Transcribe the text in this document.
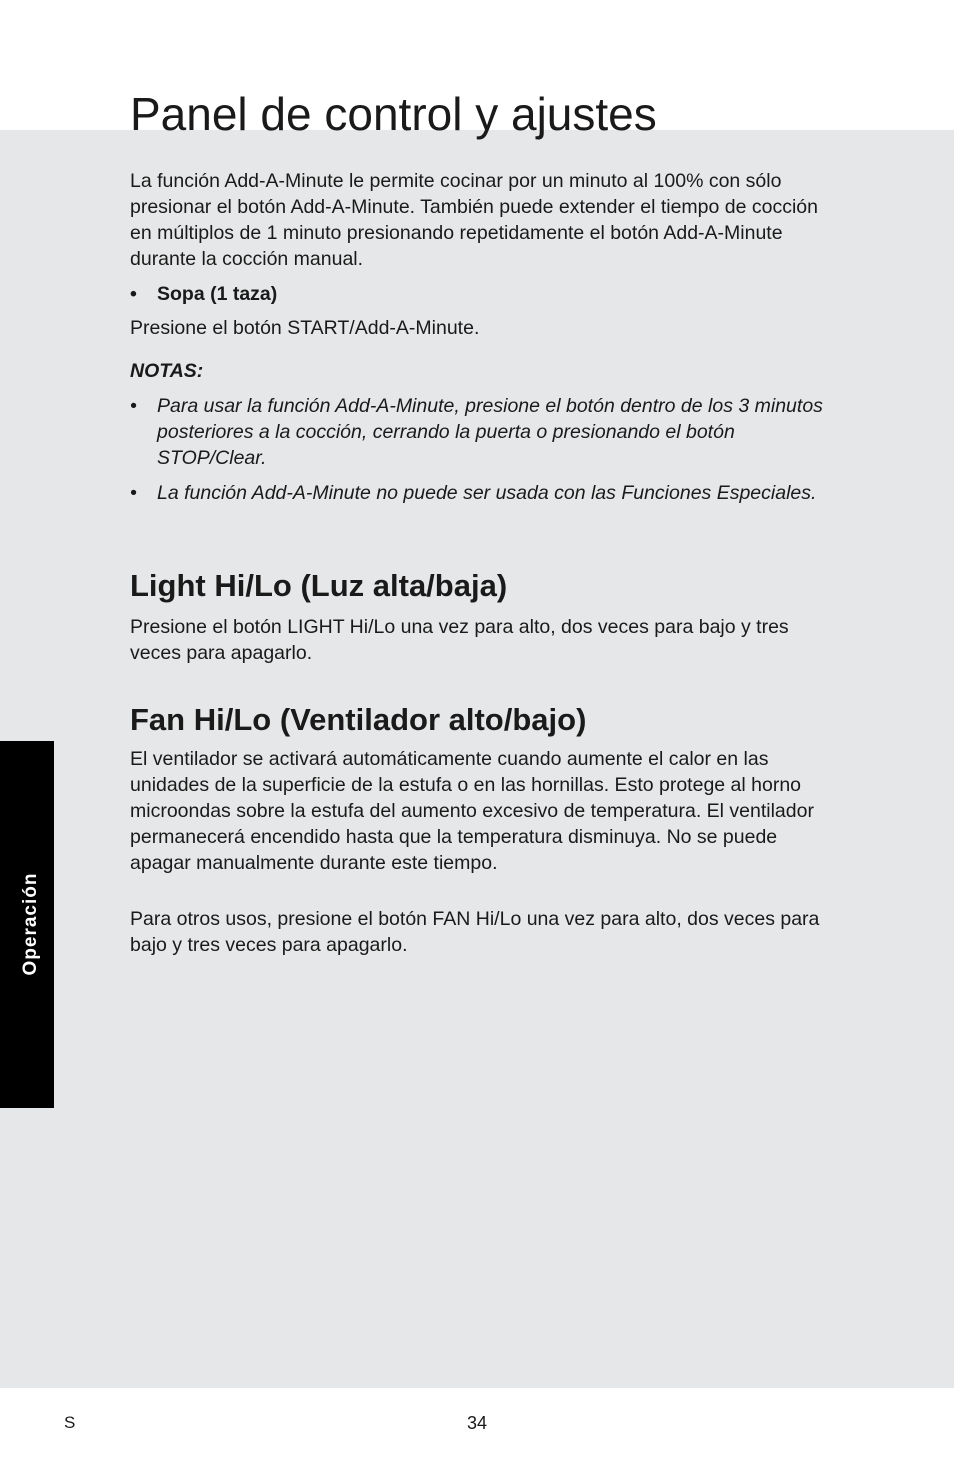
Operación
Panel de control y ajustes

La función Add-A-Minute le permite cocinar por un minuto al 100% con sólo presionar el botón Add-A-Minute. También puede extender el tiempo de cocción en múltiplos de 1 minuto presionando repetidamente el botón Add-A-Minute durante la cocción manual.

• Sopa (1 taza)

Presione el botón START/Add-A-Minute.

NOTAS:

• Para usar la función Add-A-Minute, presione el botón dentro de los 3 minutos posteriores a la cocción, cerrando la puerta o presionando el botón STOP/Clear.
• La función Add-A-Minute no puede ser usada con las Funciones Especiales.
Light Hi/Lo (Luz alta/baja)

Presione el botón LIGHT Hi/Lo una vez para alto, dos veces para bajo y tres veces para apagarlo.

Fan Hi/Lo (Ventilador alto/bajo)

El ventilador se activará automáticamente cuando aumente el calor en las unidades de la superficie de la estufa o en las hornillas. Esto protege al horno microondas sobre la estufa del aumento excesivo de temperatura. El ventilador permanecerá encendido hasta que la temperatura disminuya. No se puede apagar manualmente durante este tiempo.

Para otros usos, presione el botón FAN Hi/Lo una vez para alto, dos veces para bajo y tres veces para apagarlo.

S	34
